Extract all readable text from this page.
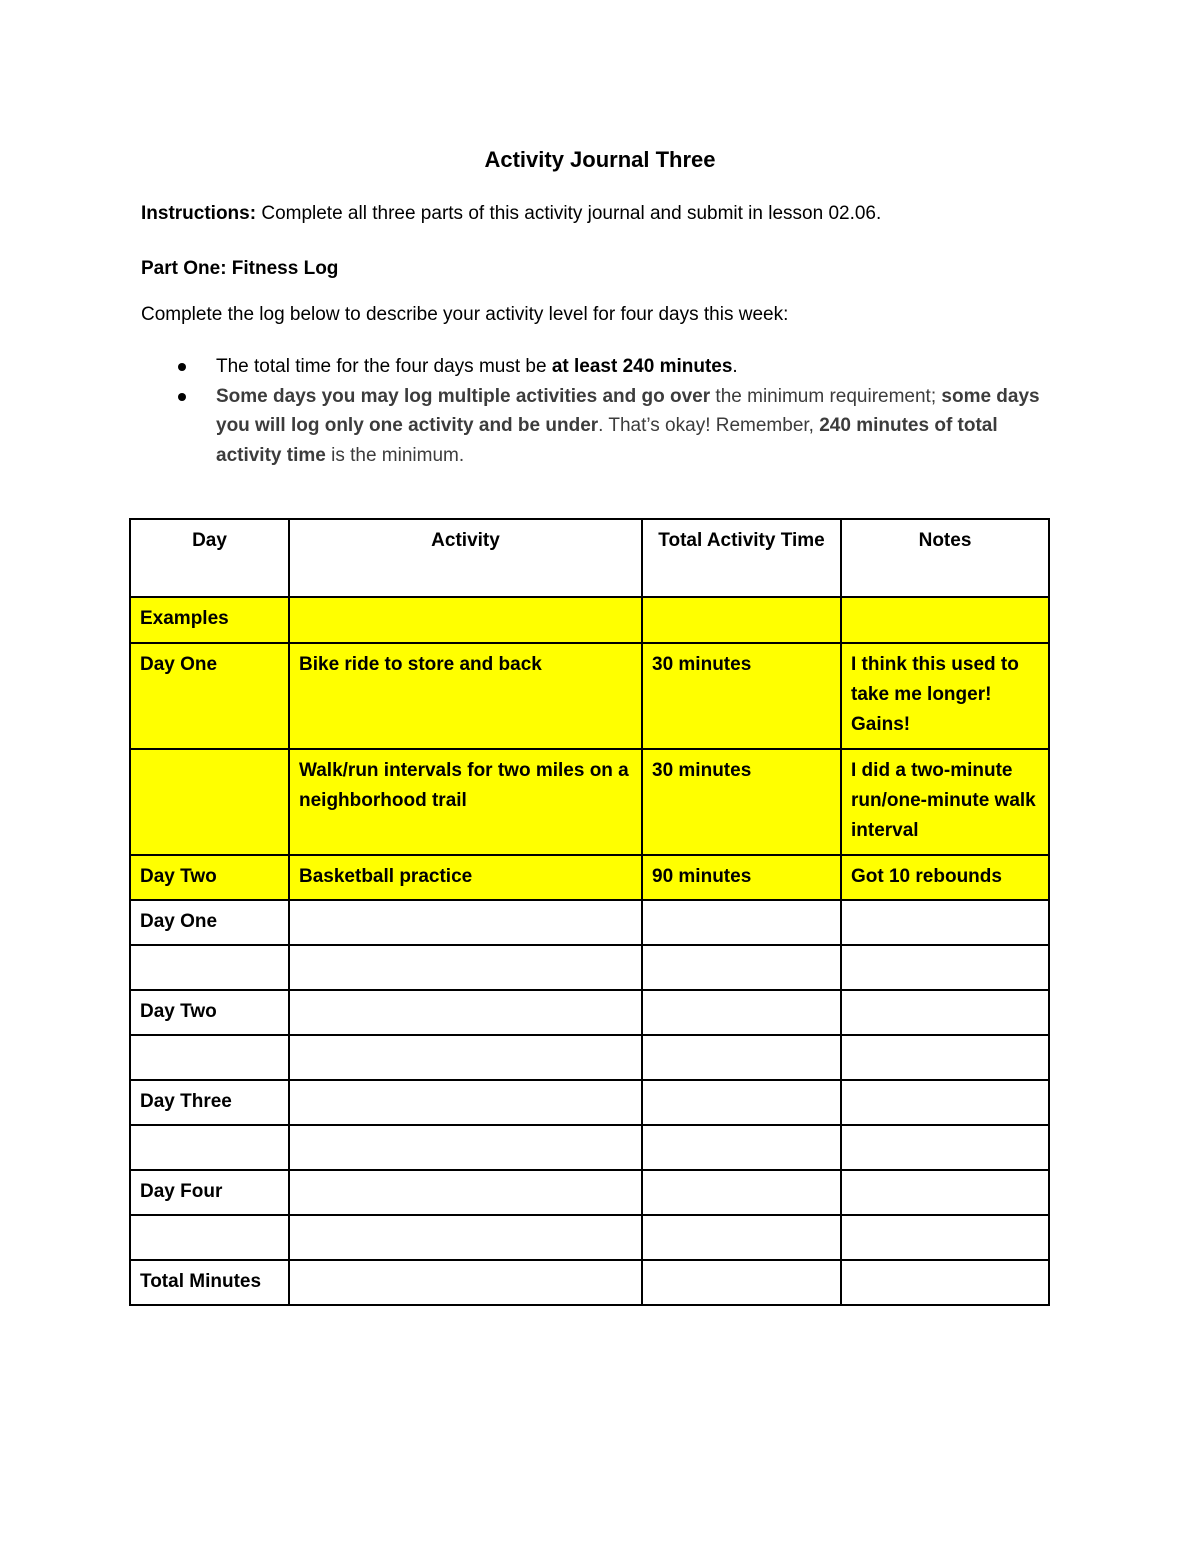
Activity Journal Three
Instructions: Complete all three parts of this activity journal and submit in lesson 02.06.
Part One: Fitness Log
Complete the log below to describe your activity level for four days this week:
The total time for the four days must be at least 240 minutes.
Some days you may log multiple activities and go over the minimum requirement; some days you will log only one activity and be under. That’s okay! Remember, 240 minutes of total activity time is the minimum.
Day	Activity	Total Activity Time	Notes
Examples			
Day One	Bike ride to store and back	30 minutes	I think this used to take me longer! Gains!
	Walk/run intervals for two miles on a neighborhood trail	30 minutes	I did a two-minute run/one-minute walk interval
Day Two	Basketball practice	90 minutes	Got 10 rebounds
Day One			

Day Two			

Day Three			

Day Four			

Total Minutes			
